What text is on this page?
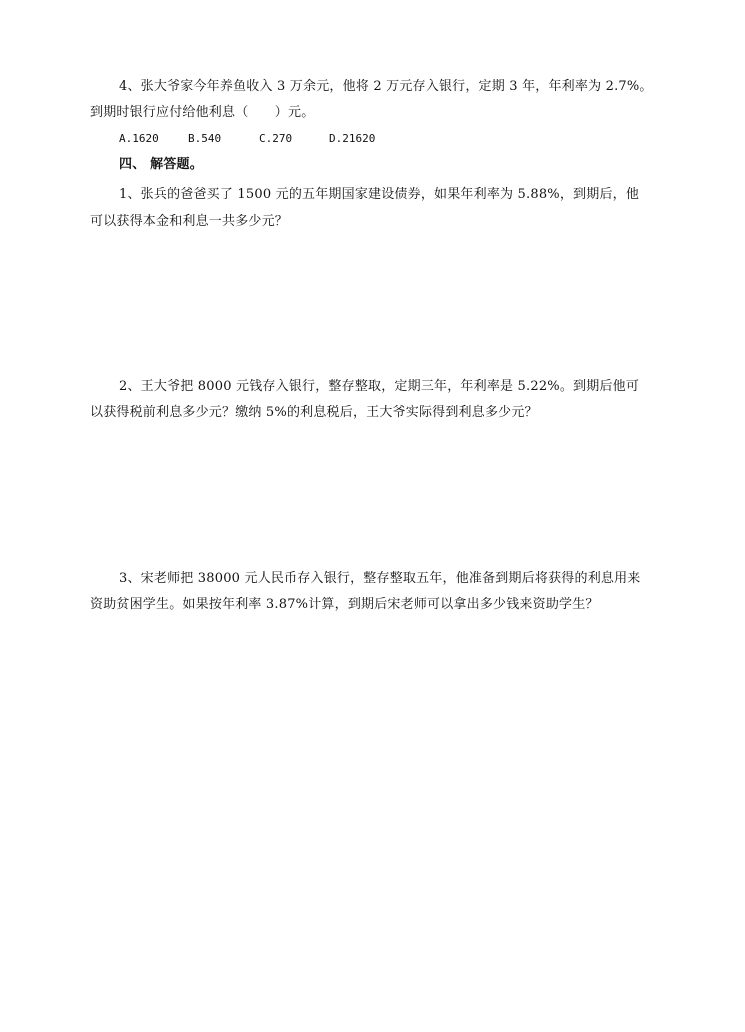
4、张大爷家今年养鱼收入 3 万余元，他将 2 万元存入银行，定期 3 年，年利率为 2.7%。
到期时银行应付给他利息（　　）元。
A.1620	B.540	C.270	D.21620
四、 解答题。
1、张兵的爸爸买了 1500 元的五年期国家建设债券，如果年利率为 5.88%，到期后，他
可以获得本金和利息一共多少元？
2、王大爷把 8000 元钱存入银行，整存整取，定期三年，年利率是 5.22%。到期后他可
以获得税前利息多少元？缴纳 5%的利息税后，王大爷实际得到利息多少元？
3、宋老师把 38000 元人民币存入银行，整存整取五年，他准备到期后将获得的利息用来
资助贫困学生。如果按年利率 3.87%计算，到期后宋老师可以拿出多少钱来资助学生？
